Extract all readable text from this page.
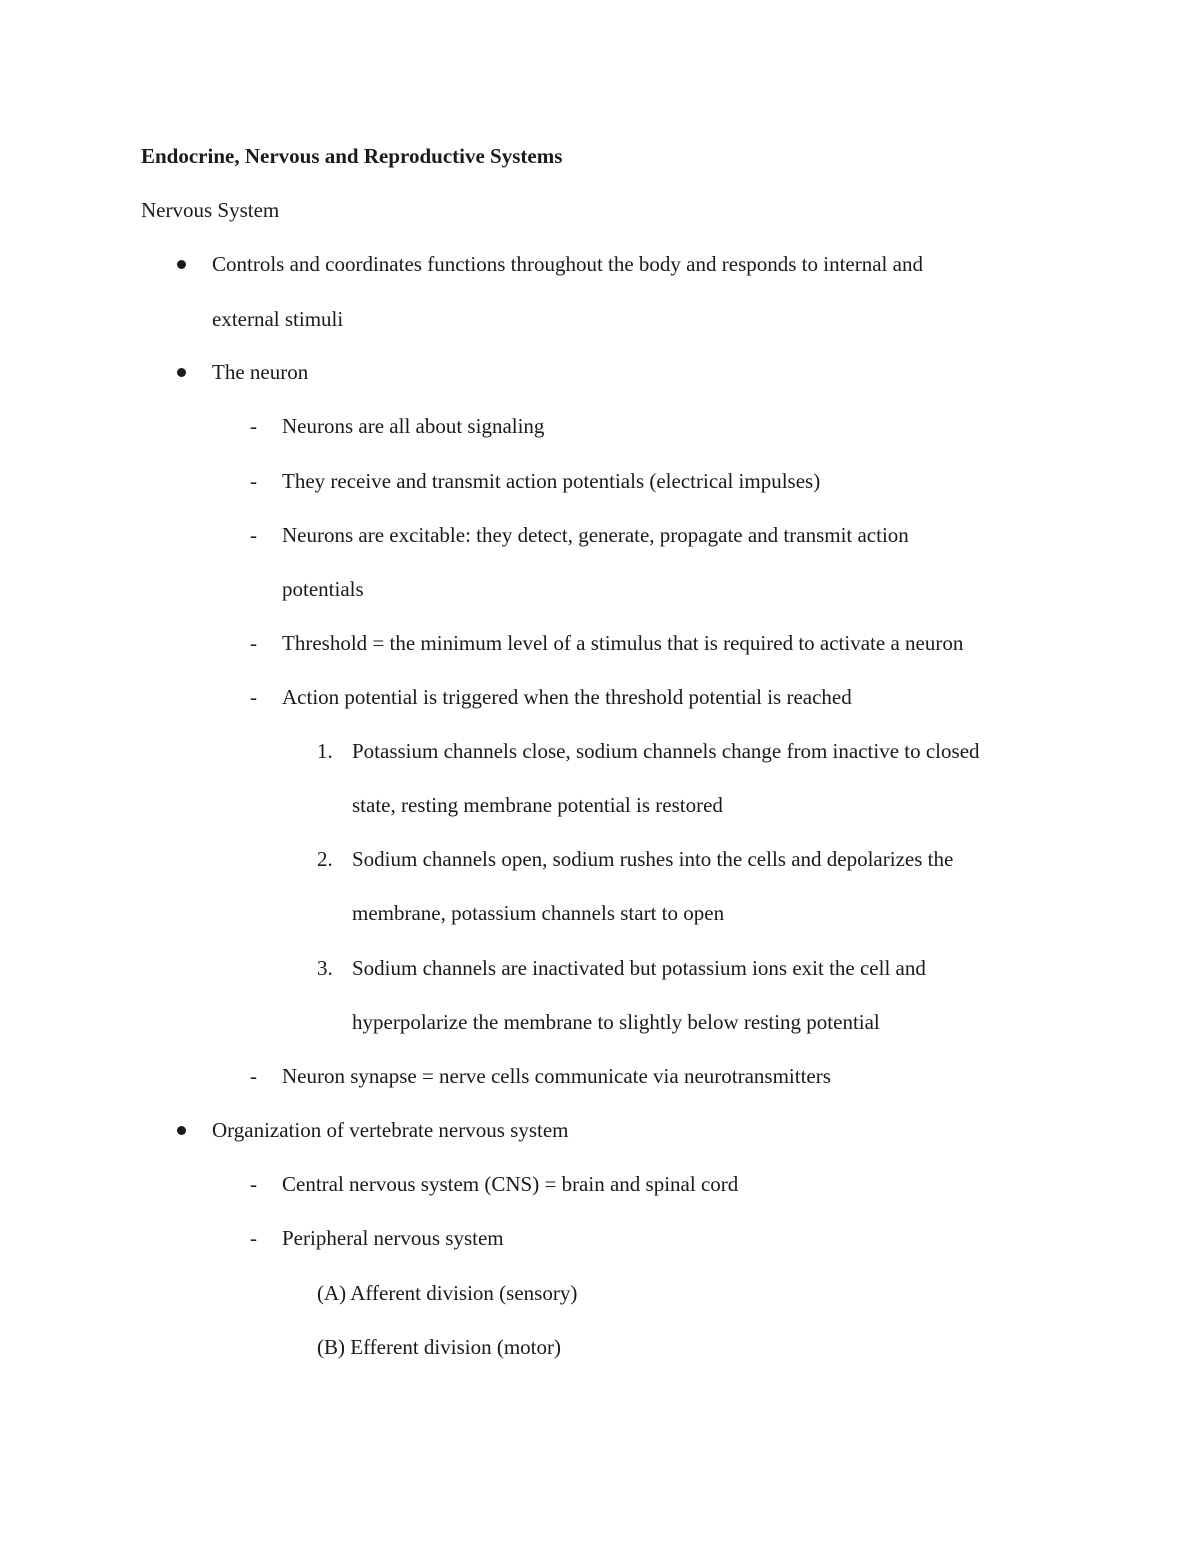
Endocrine, Nervous and Reproductive Systems
Nervous System
Controls and coordinates functions throughout the body and responds to internal and
external stimuli
The neuron
- Neurons are all about signaling
- They receive and transmit action potentials (electrical impulses)
- Neurons are excitable: they detect, generate, propagate and transmit action
potentials
- Threshold = the minimum level of a stimulus that is required to activate a neuron
- Action potential is triggered when the threshold potential is reached
1. Potassium channels close, sodium channels change from inactive to closed
state, resting membrane potential is restored
2. Sodium channels open, sodium rushes into the cells and depolarizes the
membrane, potassium channels start to open
3. Sodium channels are inactivated but potassium ions exit the cell and
hyperpolarize the membrane to slightly below resting potential
- Neuron synapse = nerve cells communicate via neurotransmitters
Organization of vertebrate nervous system
- Central nervous system (CNS) = brain and spinal cord
- Peripheral nervous system
(A) Afferent division (sensory)
(B) Efferent division (motor)
